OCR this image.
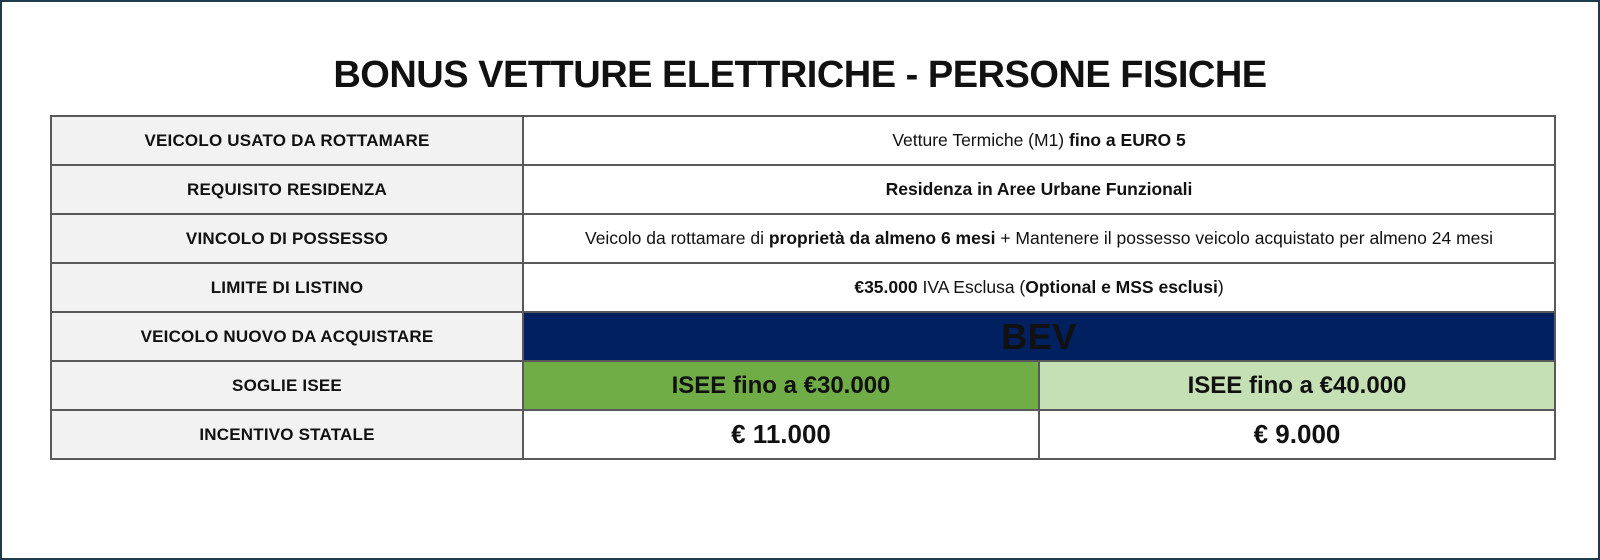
BONUS VETTURE ELETTRICHE - PERSONE FISICHE
VEICOLO USATO DA ROTTAMARE	Vetture Termiche (M1) fino a EURO 5	
REQUISITO RESIDENZA	Residenza in Aree Urbane Funzionali	
VINCOLO DI POSSESSO	Veicolo da rottamare di proprietà da almeno 6 mesi + Mantenere il possesso veicolo acquistato per almeno 24 mesi	
LIMITE DI LISTINO	€35.000 IVA Esclusa (Optional e MSS esclusi)	
VEICOLO NUOVO DA ACQUISTARE	BEV	
SOGLIE ISEE	ISEE fino a €30.000	ISEE fino a €40.000
INCENTIVO STATALE	€ 11.000	€ 9.000
